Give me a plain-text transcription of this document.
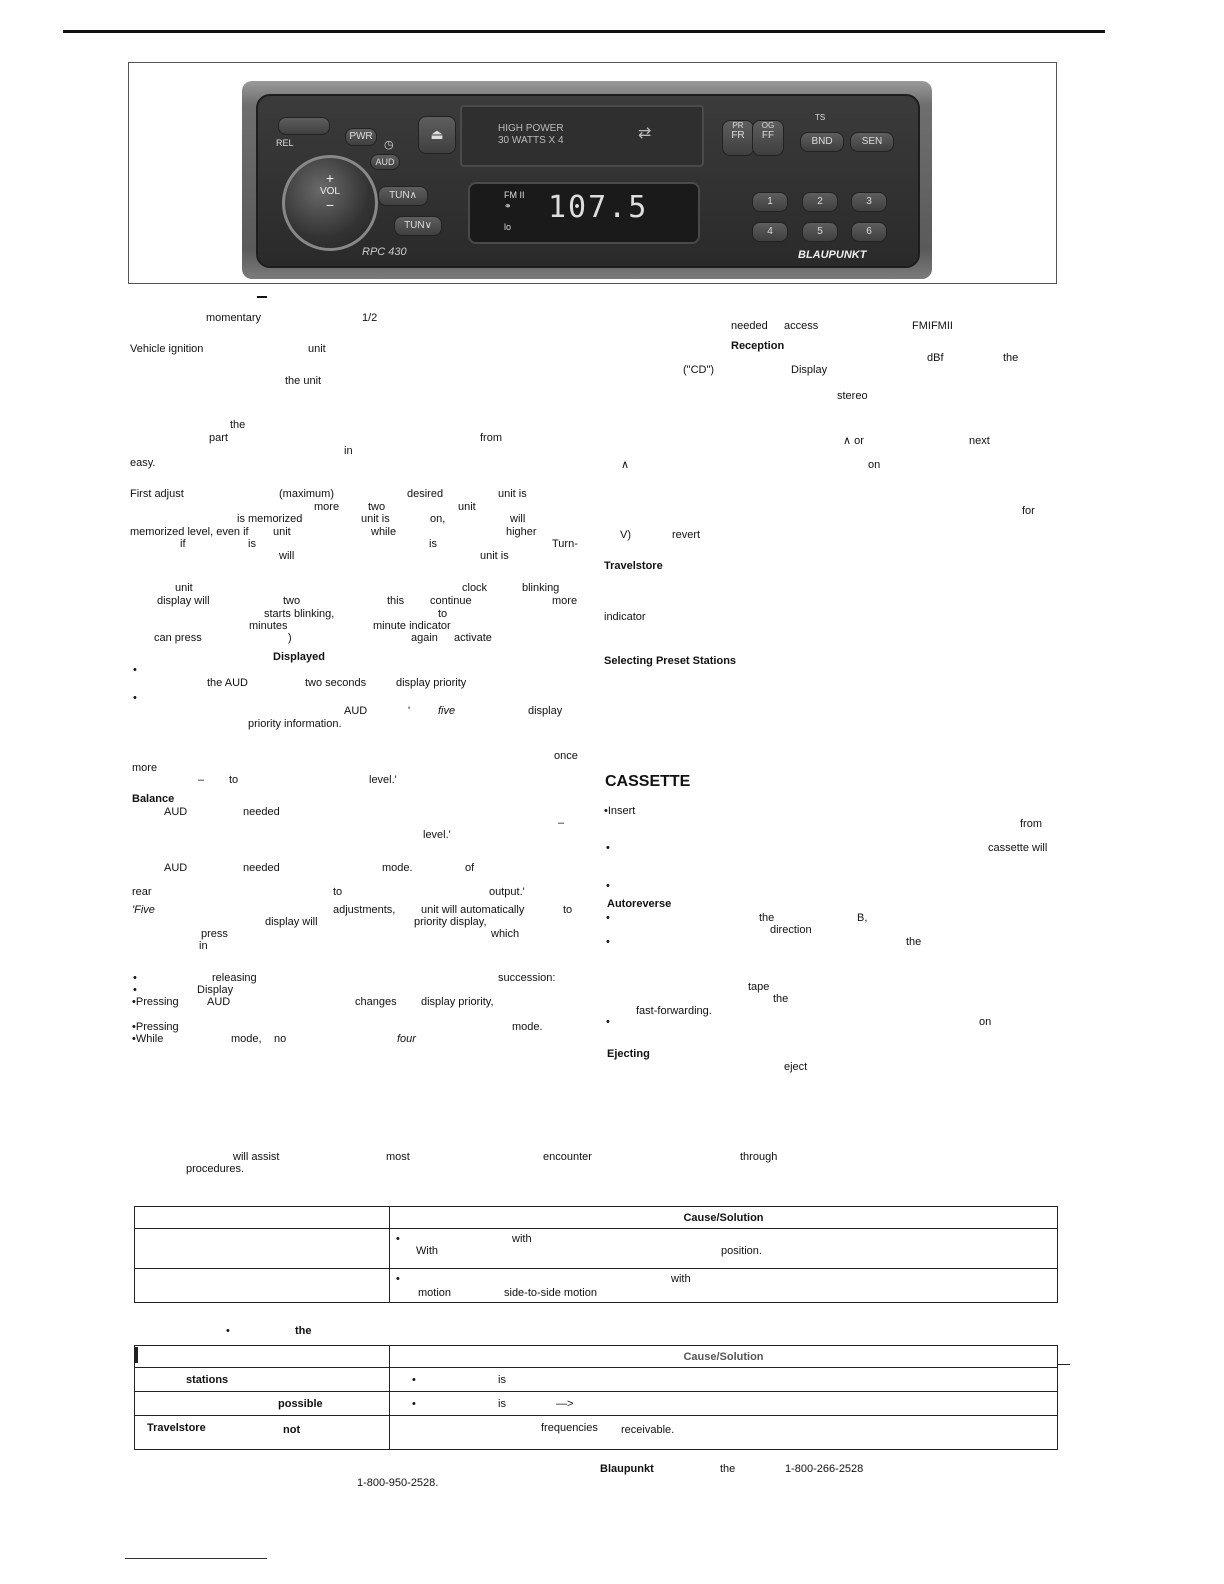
REL
PWR
◷
AUD
⏏	HIGH POWER
30 WATTS X 4	⇄
+
VOL
−
TUN∧
TUN∨
FM II
⚭ 107.5
lo
PR
FR
OG
FF
TS
BND	SEN
1	2	3
4	5	6
RPC 430	BLAUPUNKT
momentary	1/2
Vehicle ignition	unit
the unit
the
part	from
in
easy.
First adjust	(maximum)	desired	unit is
more	two	unit
is memorized	unit is	on,	will
memorized level, even if unit	while	higher
if	is	is	Turn-
will	unit is
unit	clock	blinking
display will	two	this continue	more
starts blinking,	to
minutes	minute indicator
can press	)	again activate
•
the AUD	two seconds	display priority
•
AUD	'	display
priority information.
once
more
– to	level.'
AUD	needed
–
level.'
AUD	needed	mode.	of
rear	to	output.'
adjustments, unit will automatically	to
display will	priority display,
press	which
in
•	releasing	succession:
•	Display
•Pressing	AUD	changes display priority,
•Pressing	mode.
•While	mode, no
Displayed
Balance
five
'Five
four
needed access	FMIFMII
dBf	the
("CD")	Display
stereo
∧ or	next
∧	on
for
V)	revert
indicator
•Insert
from
•	cassette will
•
•	the	B,
direction
•	the
tape
the
fast-forwarding.
•	on
eject
Reception
Travelstore
Selecting Preset Stations
Ejecting
CASSETTE
Autoreverse
will assist	most	encounter	through
procedures.
	Cause/Solution

	• with
With position.

	• with
motion side-to-side motion
•	the
	Cause/Solution

stations	• is

possible	• is —>

Travelstore not	frequencies receivable.
Blaupunkt	the	1-800-266-2528
1-800-950-2528.
